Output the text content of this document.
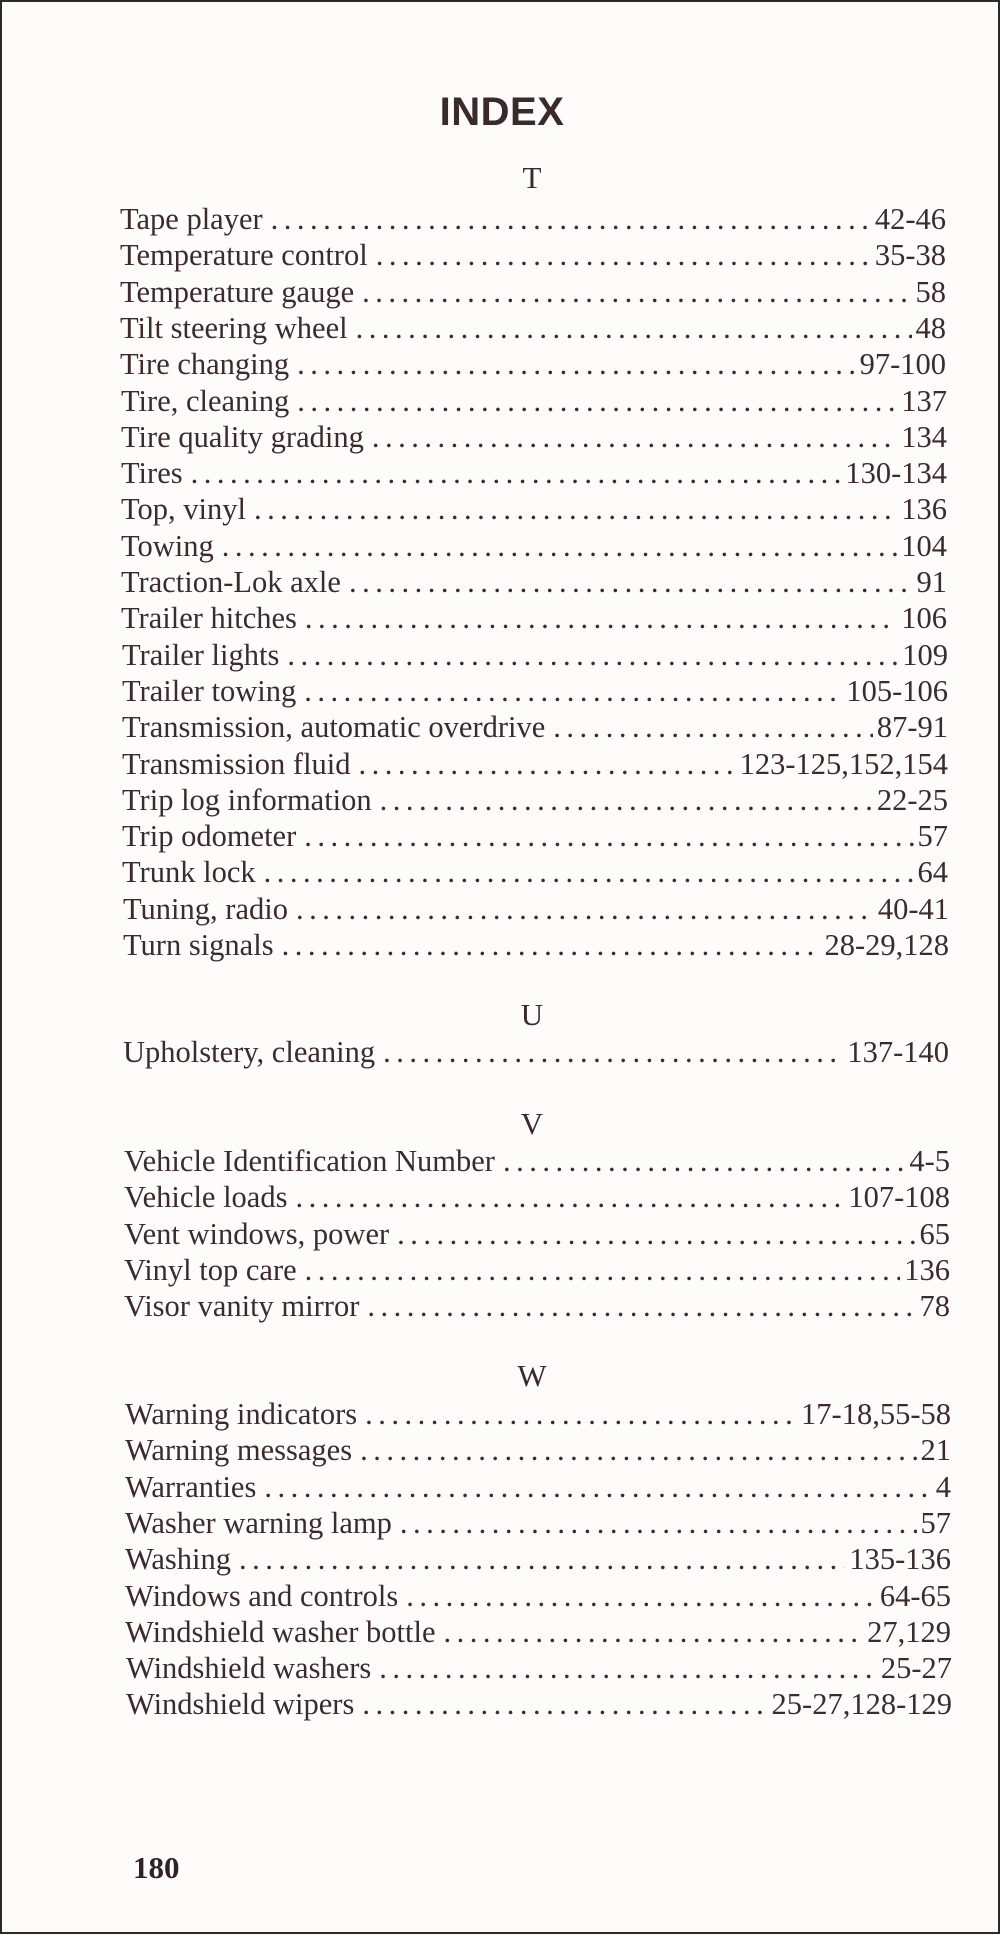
INDEX
T
Tape player .....	42-46
Temperature control .....	35-38
Temperature gauge .....	58
Tilt steering wheel .....	48
Tire changing .....	97-100
Tire, cleaning .....	137
Tire quality grading .....	134
Tires .....	130-134
Top, vinyl .....	136
Towing .....	104
Traction-Lok axle .....	91
Trailer hitches .....	106
Trailer lights .....	109
Trailer towing .....	105-106
Transmission, automatic overdrive .....	87-91
Transmission fluid .....	123-125,152,154
Trip log information .....	22-25
Trip odometer .....	57
Trunk lock .....	64
Tuning, radio .....	40-41
Turn signals .....	28-29,128
U
Upholstery, cleaning .....	137-140
V
Vehicle Identification Number .....	4-5
Vehicle loads .....	107-108
Vent windows, power .....	65
Vinyl top care .....	136
Visor vanity mirror .....	78
W
Warning indicators .....	17-18,55-58
Warning messages .....	21
Warranties .....	4
Washer warning lamp .....	57
Washing .....	135-136
Windows and controls .....	64-65
Windshield washer bottle .....	27,129
Windshield washers .....	25-27
Windshield wipers .....	25-27,128-129
180
